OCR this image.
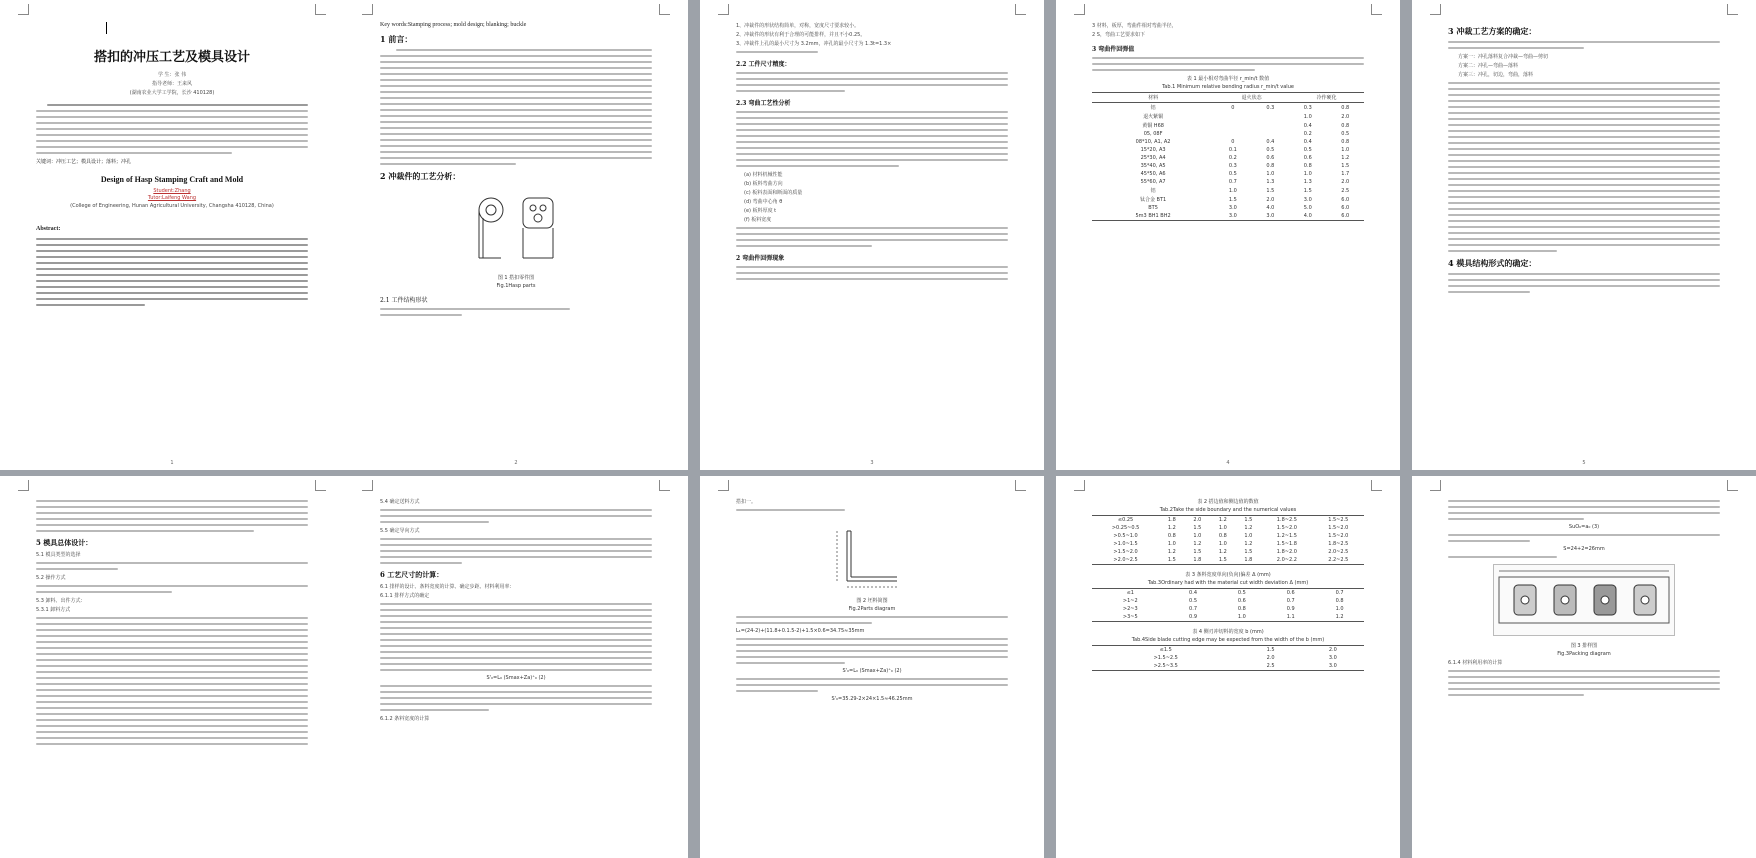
搭扣的冲压工艺及模具设计
学 生：张 伟
指导老师：王来风
(湖南农业大学工学院，长沙 410128)
关键词：冲压工艺；模具设计；落料；冲孔
Design of Hasp Stamping Craft and Mold
Student:Zhang
Tutor:Laifeng Wang
(College of Engineering, Hunan Agricultural University, Changsha 410128, China)
Abstract:
1
Key words:Stamping process; mold design; blanking; buckle
1 前言：
2 冲裁件的工艺分析：
图 1 搭扣零件图
Fig.1Hasp parts
2.1 工件结构形状
2
1、冲裁件的形状结构简单，对称，宽度尺寸要求较小。
2、冲裁件的形状有利于合理的可能排样，并且不小0.25。
3、冲裁件上孔的最小尺寸为 3.2mm，冲孔的最小尺寸为 1.3t=1.3×
2.2 工件尺寸精度：
2.3 弯曲工艺性分析
(a) 材料机械性能
(b) 板料弯曲方向
(c) 板料表面和断面的质量
(d) 弯曲中心角 θ
(e) 板料厚度 t
(f) 板料宽度
2 弯曲件回弹现象
3
3 材料，板厚，弯曲件相对弯曲半径，
2 S，弯曲工艺要求如下
3 弯曲件回弹值
表 1 最小相对弯曲半径 r_min/t 数值
Tab.1 Minimum relative bending radius r_min/t value
材料	退火状态		冷作硬化	
铝	0	0.3	0.3	0.8
退火紫铜			1.0	2.0
黄铜 H68			0.4	0.8
05, 08F			0.2	0.5
08*10, A1, A2	0	0.4	0.4	0.8
15*20, A3	0.1	0.5	0.5	1.0
25*30, A4	0.2	0.6	0.6	1.2
35*40, A5	0.3	0.8	0.8	1.5
45*50, A6	0.5	1.0	1.0	1.7
55*60, A7	0.7	1.3	1.3	2.0
铝	1.0	1.5	1.5	2.5
钛合金 BT1	1.5	2.0	3.0	6.0
BT5	3.0	4.0	5.0	6.0
5m3 BH1 BH2	3.0	3.0	4.0	6.0
4
3 冲裁工艺方案的确定：
方案一：冲孔落料复合冲裁—弯曲—剪切
方案二：冲孔—弯曲—落料
方案三：冲孔，切边，弯曲，落料
4 模具结构形式的确定：
5
5 模具总体设计：
5.1 模具类型的选择
5.2 操作方式
5.3 卸料、出件方式：
5.3.1 卸料方式
5.4 确定送料方式
5.5 确定导向方式
6 工艺尺寸的计算：
6.1 排样的设计、条料宽度的计算、确定步距、材料利用率：
6.1.1 排样方式的确定
S'₀=L₀ (Smax+Za)⁺₀ (2)
6.1.2 条料宽度的计算
搭扣一。
图 2 坯料简图
Fig.2Parts diagram
L₁=(24-2)+(11.8+0.1.5-2)+1.5×0.6=34.75≈35mm
S'₀=L₀ (Smax+Za)⁺₀ (2)
S'₀=35.29-2×24×1.5≈46.25mm
表 2 搭边值和侧边值的数值
Tab.2Take the side boundary and the numerical values
≤0.25	1.8	2.0	1.2	1.5	1.8~2.5	1.5~2.5
>0.25~0.5	1.2	1.5	1.0	1.2	1.5~2.0	1.5~2.0
>0.5~1.0	0.8	1.0	0.8	1.0	1.2~1.5	1.5~2.0
>1.0~1.5	1.0	1.2	1.0	1.2	1.5~1.8	1.8~2.5
>1.5~2.0	1.2	1.5	1.2	1.5	1.8~2.0	2.0~2.5
>2.0~2.5	1.5	1.8	1.5	1.8	2.0~2.2	2.2~2.5
表 3 条料宽度单向(负向)偏差 Δ (mm)
Tab.3Ordinary had with the material cut width deviation Δ (mm)
≤1	0.4	0.5	0.6	0.7
>1~2	0.5	0.6	0.7	0.8
>2~3	0.7	0.8	0.9	1.0
>3~5	0.9	1.0	1.1	1.2
表 4 侧刃冲切料的宽度 b (mm)
Tab.4Side blade cutting edge may be expected from the width of the b (mm)
≤1.5	1.5	2.0
>1.5~2.5	2.0	3.0
>2.5~3.5	2.5	3.0
SuO₀=a₀ (3)
S=24+2=26mm
图 3 排样图
Fig.3Packing diagram
6.1.4 材料利用率的计算
